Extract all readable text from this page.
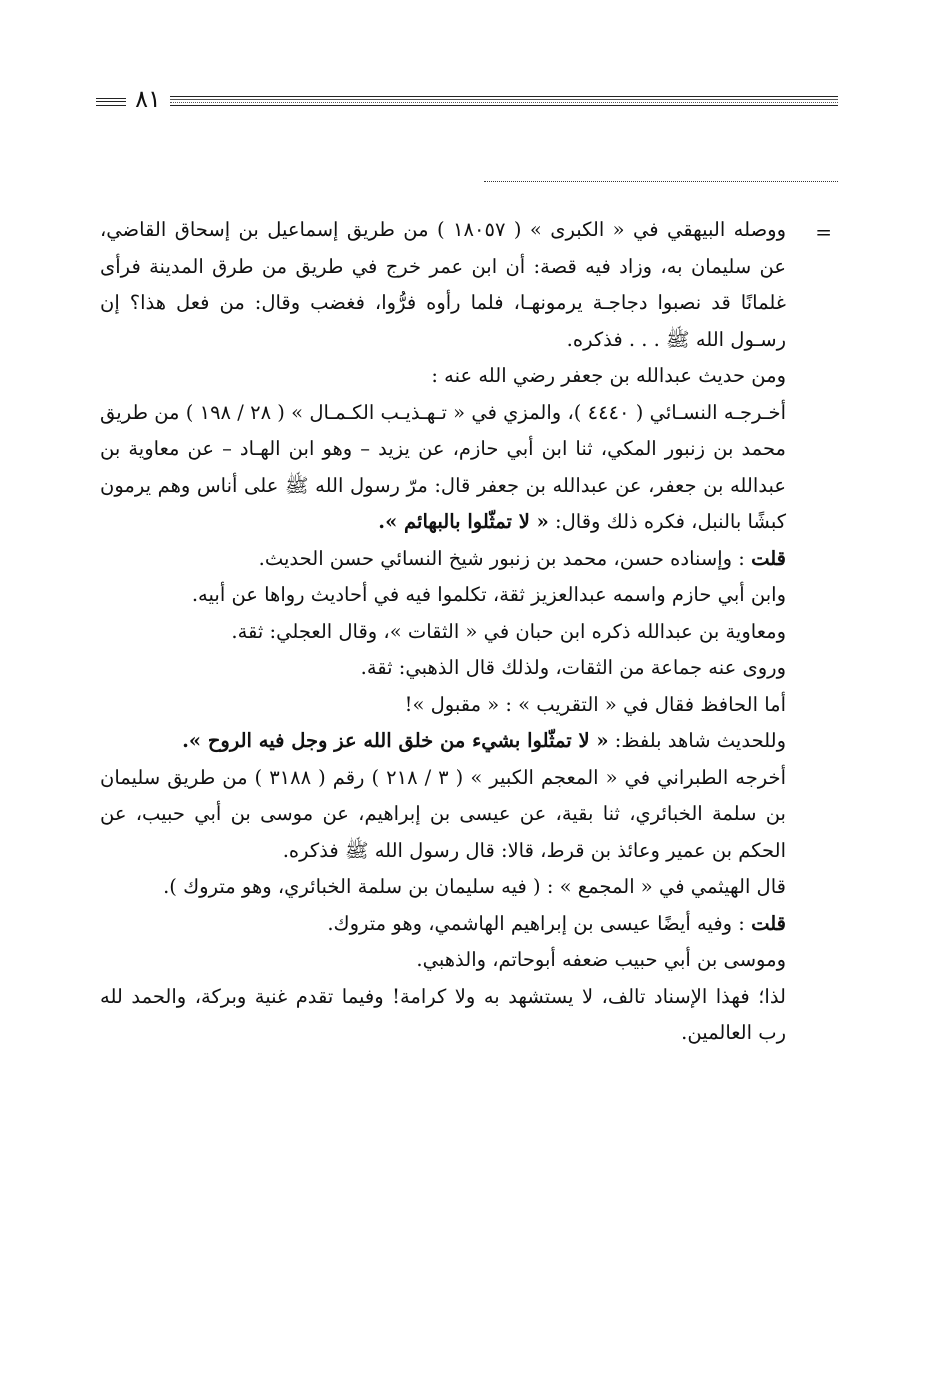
٨١
=

ووصله البيهقي في « الكبرى » ( ١٨٠٥٧ ) من طريق إسماعيل بن إسحاق القاضي، عن سليمان به، وزاد فيه قصة: أن ابن عمر خرج في طريق من طرق المدينة فرأى غلمانًا قد نصبوا دجاجـة يرمونهـا، فلما رأوه فرُّوا، فغضب وقال: من فعل هذا؟ إن رسـول الله ﷺ . . . فذكره.

ومن حديث عبدالله بن جعفر رضي الله عنه :

أخـرجـه النسـائي ( ٤٤٤٠ )، والمزي في « تـهـذيـب الكـمـال » ( ٢٨ / ١٩٨ ) من طريق محمد بن زنبور المكي، ثنا ابن أبي حازم، عن يزيد – وهو ابن الهـاد – عن معاوية بن عبدالله بن جعفر، عن عبدالله بن جعفر قال: مرّ رسول الله ﷺ على أناس وهم يرمون كبشًا بالنبل، فكره ذلك وقال: « لا تمثّلوا بالبهائم ».

قلت : وإسناده حسن، محمد بن زنبور شيخ النسائي حسن الحديث.

وابن أبي حازم واسمه عبدالعزيز ثقة، تكلموا فيه في أحاديث رواها عن أبيه.

ومعاوية بن عبدالله ذكره ابن حبان في « الثقات »، وقال العجلي: ثقة.

وروى عنه جماعة من الثقات، ولذلك قال الذهبي: ثقة.

أما الحافظ فقال في « التقريب » : « مقبول »!

وللحديث شاهد بلفظ: « لا تمثّلوا بشيء من خلق الله عز وجل فيه الروح ».

أخرجه الطبراني في « المعجم الكبير » ( ٣ / ٢١٨ ) رقم ( ٣١٨٨ ) من طريق سليمان بن سلمة الخبائري، ثنا بقية، عن عيسى بن إبراهيم، عن موسى بن أبي حبيب، عن الحكم بن عمير وعائذ بن قرط، قالا: قال رسول الله ﷺ فذكره.

قال الهيثمي في « المجمع » : ( فيه سليمان بن سلمة الخبائري، وهو متروك ).

قلت : وفيه أيضًا عيسى بن إبراهيم الهاشمي، وهو متروك.

وموسى بن أبي حبيب ضعفه أبوحاتم، والذهبي.

لذا؛ فهذا الإسناد تالف، لا يستشهد به ولا كرامة! وفيما تقدم غنية وبركة، والحمد لله رب العالمين.
